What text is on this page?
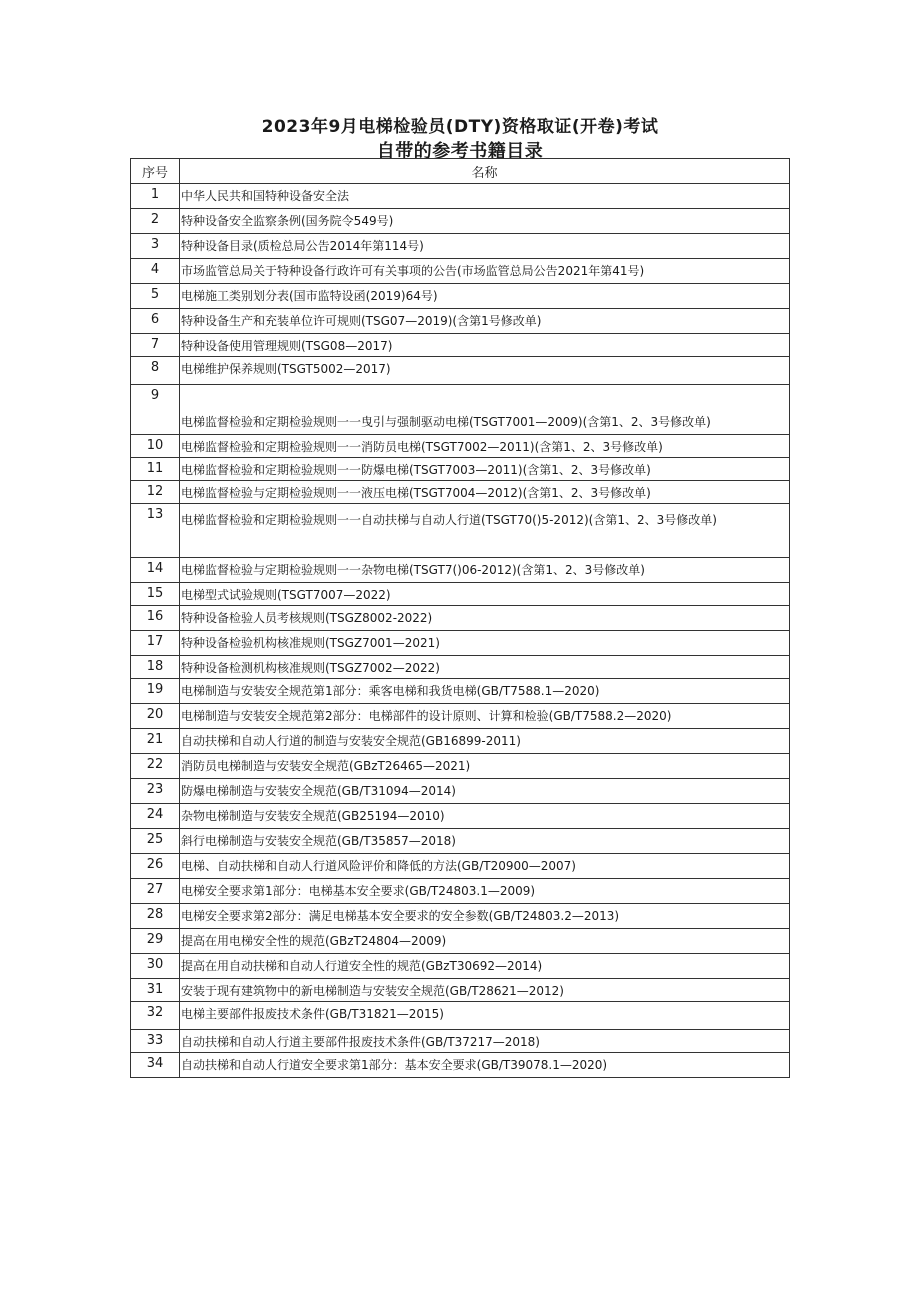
2023年9月电梯检验员(DTY)资格取证(开卷)考试
自带的参考书籍目录
序号	名称
1	中华人民共和国特种设备安全法
2	特种设备安全监察条例(国务院令549号)
3	特种设备目录(质检总局公告2014年第114号)
4	市场监管总局关于特种设备行政许可有关事项的公告(市场监管总局公告2021年第41号)
5	电梯施工类别划分表(国市监特设函(2019)64号)
6	特种设备生产和充装单位许可规则(TSG07—2019)(含第1号修改单)
7	特种设备使用管理规则(TSG08—2017)
8	电梯维护保养规则(TSGT5002—2017)
9	电梯监督检验和定期检验规则一一曳引与强制驱动电梯(TSGT7001—2009)(含第1、2、3号修改单)
10	电梯监督检验和定期检验规则一一消防员电梯(TSGT7002—2011)(含第1、2、3号修改单)
11	电梯监督检验和定期检验规则一一防爆电梯(TSGT7003—2011)(含第1、2、3号修改单)
12	电梯监督检验与定期检验规则一一液压电梯(TSGT7004—2012)(含第1、2、3号修改单)
13	电梯监督检验和定期检验规则一一自动扶梯与自动人行道(TSGT70()5-2012)(含第1、2、3号修改单)
14	电梯监督检验与定期检验规则一一杂物电梯(TSGT7()06-2012)(含第1、2、3号修改单)
15	电梯型式试验规则(TSGT7007—2022)
16	特种设备检验人员考核规则(TSGZ8002-2022)
17	特种设备检验机构核准规则(TSGZ7001—2021)
18	特种设备检测机构核准规则(TSGZ7002—2022)
19	电梯制造与安装安全规范第1部分：乘客电梯和我货电梯(GB/T7588.1—2020)
20	电梯制造与安装安全规范第2部分：电梯部件的设计原则、计算和检验(GB/T7588.2—2020)
21	自动扶梯和自动人行道的制造与安装安全规范(GB16899-2011)
22	消防员电梯制造与安装安全规范(GBzT26465—2021)
23	防爆电梯制造与安装安全规范(GB/T31094—2014)
24	杂物电梯制造与安装安全规范(GB25194—2010)
25	斜行电梯制造与安装安全规范(GB/T35857—2018)
26	电梯、自动扶梯和自动人行道风险评价和降低的方法(GB/T20900—2007)
27	电梯安全要求第1部分：电梯基本安全要求(GB/T24803.1—2009)
28	电梯安全要求第2部分：满足电梯基本安全要求的安全参数(GB/T24803.2—2013)
29	提高在用电梯安全性的规范(GBzT24804—2009)
30	提高在用自动扶梯和自动人行道安全性的规范(GBzT30692—2014)
31	安装于现有建筑物中的新电梯制造与安装安全规范(GB/T28621—2012)
32	电梯主要部件报废技术条件(GB/T31821—2015)
33	自动扶梯和自动人行道主要部件报废技术条件(GB/T37217—2018)
34	自动扶梯和自动人行道安全要求第1部分：基本安全要求(GB/T39078.1—2020)
